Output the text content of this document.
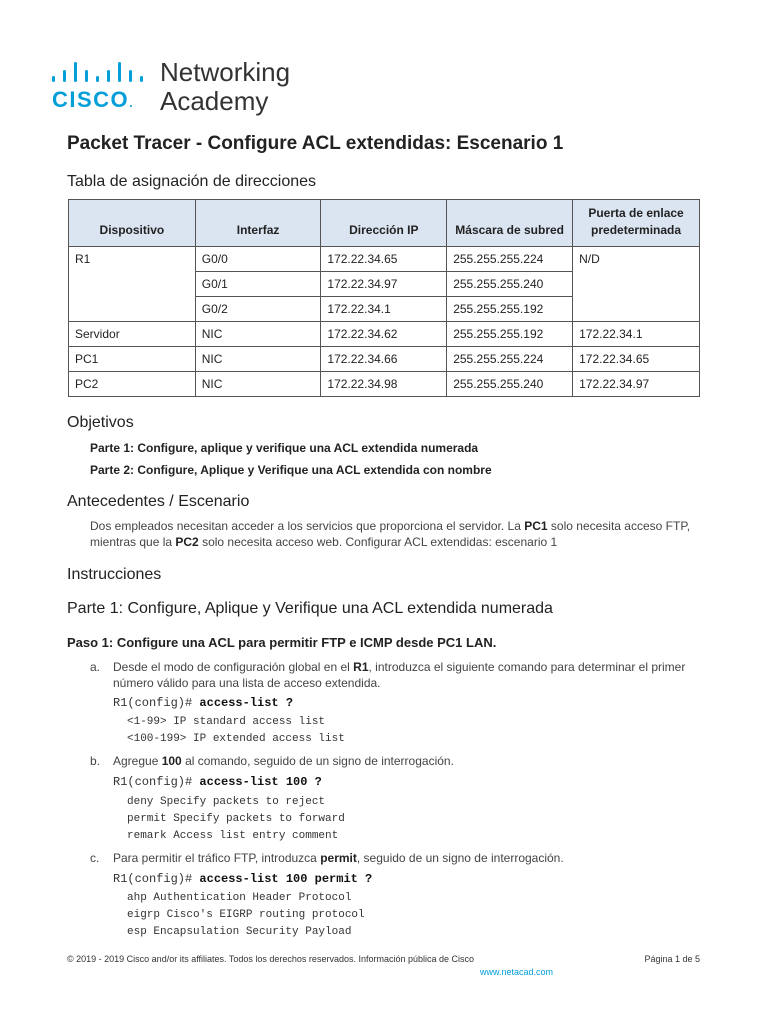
CISCO.
Networking
Academy
Packet Tracer - Configure ACL extendidas: Escenario 1
Tabla de asignación de direcciones
Dispositivo	Interfaz	Dirección IP	Máscara de subred	Puerta de enlace predeterminada
R1	G0/0	172.22.34.65	255.255.255.224	N/D
	G0/1	172.22.34.97	255.255.255.240	
	G0/2	172.22.34.1	255.255.255.192	
Servidor	NIC	172.22.34.62	255.255.255.192	172.22.34.1
PC1	NIC	172.22.34.66	255.255.255.224	172.22.34.65
PC2	NIC	172.22.34.98	255.255.255.240	172.22.34.97
Objetivos
Parte 1: Configure, aplique y verifique una ACL extendida numerada
Parte 2: Configure, Aplique y Verifique una ACL extendida con nombre
Antecedentes / Escenario
Dos empleados necesitan acceder a los servicios que proporciona el servidor. La PC1 solo necesita acceso FTP, mientras que la PC2 solo necesita acceso web. Configurar ACL extendidas: escenario 1
Instrucciones
Parte 1: Configure, Aplique y Verifique una ACL extendida numerada
Paso 1: Configure una ACL para permitir FTP e ICMP desde PC1 LAN.
a. Desde el modo de configuración global en el R1, introduzca el siguiente comando para determinar el primer número válido para una lista de acceso extendida.
R1(config)# access-list ?
<1-99> IP standard access list
<100-199> IP extended access list
b. Agregue 100 al comando, seguido de un signo de interrogación.
R1(config)# access-list 100 ?
deny Specify packets to reject
permit Specify packets to forward
remark Access list entry comment
c. Para permitir el tráfico FTP, introduzca permit, seguido de un signo de interrogación.
R1(config)# access-list 100 permit ?
ahp Authentication Header Protocol
eigrp Cisco's EIGRP routing protocol
esp Encapsulation Security Payload
© 2019 - 2019 Cisco and/or its affiliates. Todos los derechos reservados. Información pública de Cisco	Página 1 de 5
www.netacad.com
